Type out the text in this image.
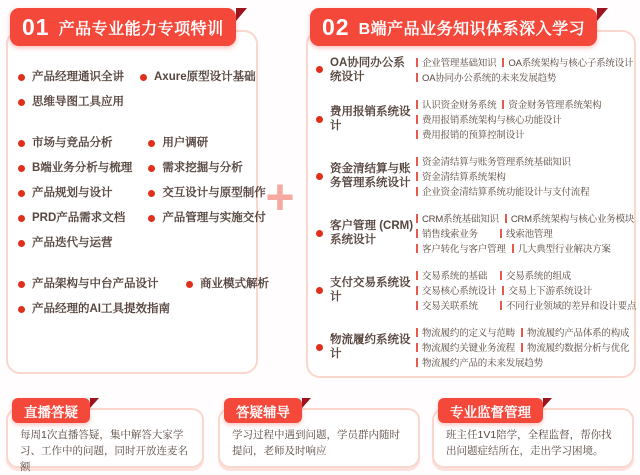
01 产品专业能力专项特训	02 B端产品业务知识体系深入学习
产品经理通识全讲	Axure原型设计基础
思维导图工具应用
市场与竞品分析	用户调研
B端业务分析与梳理	需求挖掘与分析
产品规划与设计	交互设计与原型制作
PRD产品需求文档	产品管理与实施交付
产品迭代与运营
产品架构与中台产品设计	商业模式解析
产品经理的AI工具提效指南
+
OA协同办公系统设计
企业管理基础知识 OA系统架构与核心子系统设计
OA协同办公系统的未来发展趋势
费用报销系统设计
认识资金财务系统 资金财务管理系统架构
费用报销系统架构与核心功能设计
费用报销的预算控制设计
资金清结算与账务管理系统设计
资金清结算与账务管理系统基础知识
资金清结算系统架构
企业资金清结算系统功能设计与支付流程
客户管理 (CRM) 系统设计
CRM系统基础知识 CRM系统架构与核心业务模块
销售线索业务	线索池管理
客户转化与客户管理 几大典型行业解决方案
支付交易系统设计
交易系统的基础 交易系统的组成
交易核心系统设计 交易上下游系统设计
交易关联系统	不同行业领域的差异和设计要点
物流履约系统设计
物流履约的定义与范畴 物流履约产品体系的构成
物流履约关键业务流程 物流履约数据分析与优化
物流履约产品的未来发展趋势
直播答疑

每周1次直播答疑，集中解答大家学习、工作中的问题，同时开放连麦名额

答疑辅导

学习过程中遇到问题，学员群内随时提问，老师及时响应

专业监督管理

班主任1V1陪学，全程监督，帮你找出问题症结所在，走出学习困境。
